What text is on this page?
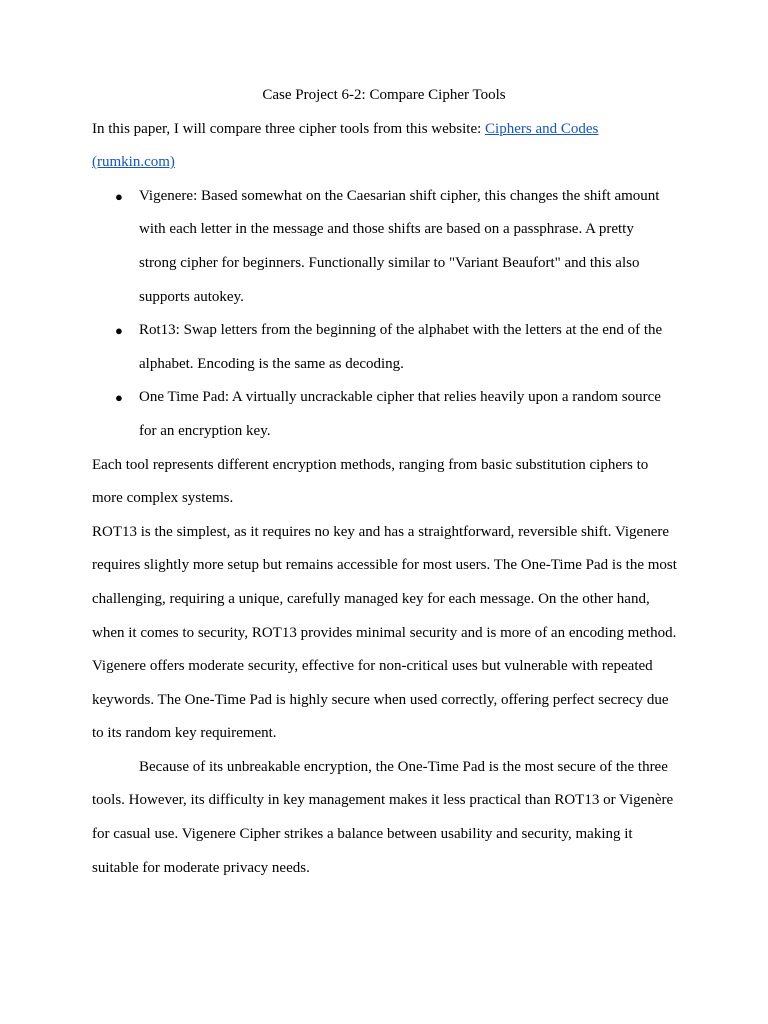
Case Project 6-2: Compare Cipher Tools

In this paper, I will compare three cipher tools from this website: Ciphers and Codes (rumkin.com)

● Vigenere: Based somewhat on the Caesarian shift cipher, this changes the shift amount with each letter in the message and those shifts are based on a passphrase. A pretty strong cipher for beginners. Functionally similar to "Variant Beaufort" and this also supports autokey.
● Rot13: Swap letters from the beginning of the alphabet with the letters at the end of the alphabet. Encoding is the same as decoding.
● One Time Pad: A virtually uncrackable cipher that relies heavily upon a random source for an encryption key.

Each tool represents different encryption methods, ranging from basic substitution ciphers to more complex systems.

ROT13 is the simplest, as it requires no key and has a straightforward, reversible shift. Vigenere requires slightly more setup but remains accessible for most users. The One-Time Pad is the most challenging, requiring a unique, carefully managed key for each message. On the other hand, when it comes to security, ROT13 provides minimal security and is more of an encoding method. Vigenere offers moderate security, effective for non-critical uses but vulnerable with repeated keywords. The One-Time Pad is highly secure when used correctly, offering perfect secrecy due to its random key requirement.

Because of its unbreakable encryption, the One-Time Pad is the most secure of the three tools. However, its difficulty in key management makes it less practical than ROT13 or Vigenère for casual use. Vigenere Cipher strikes a balance between usability and security, making it suitable for moderate privacy needs.
